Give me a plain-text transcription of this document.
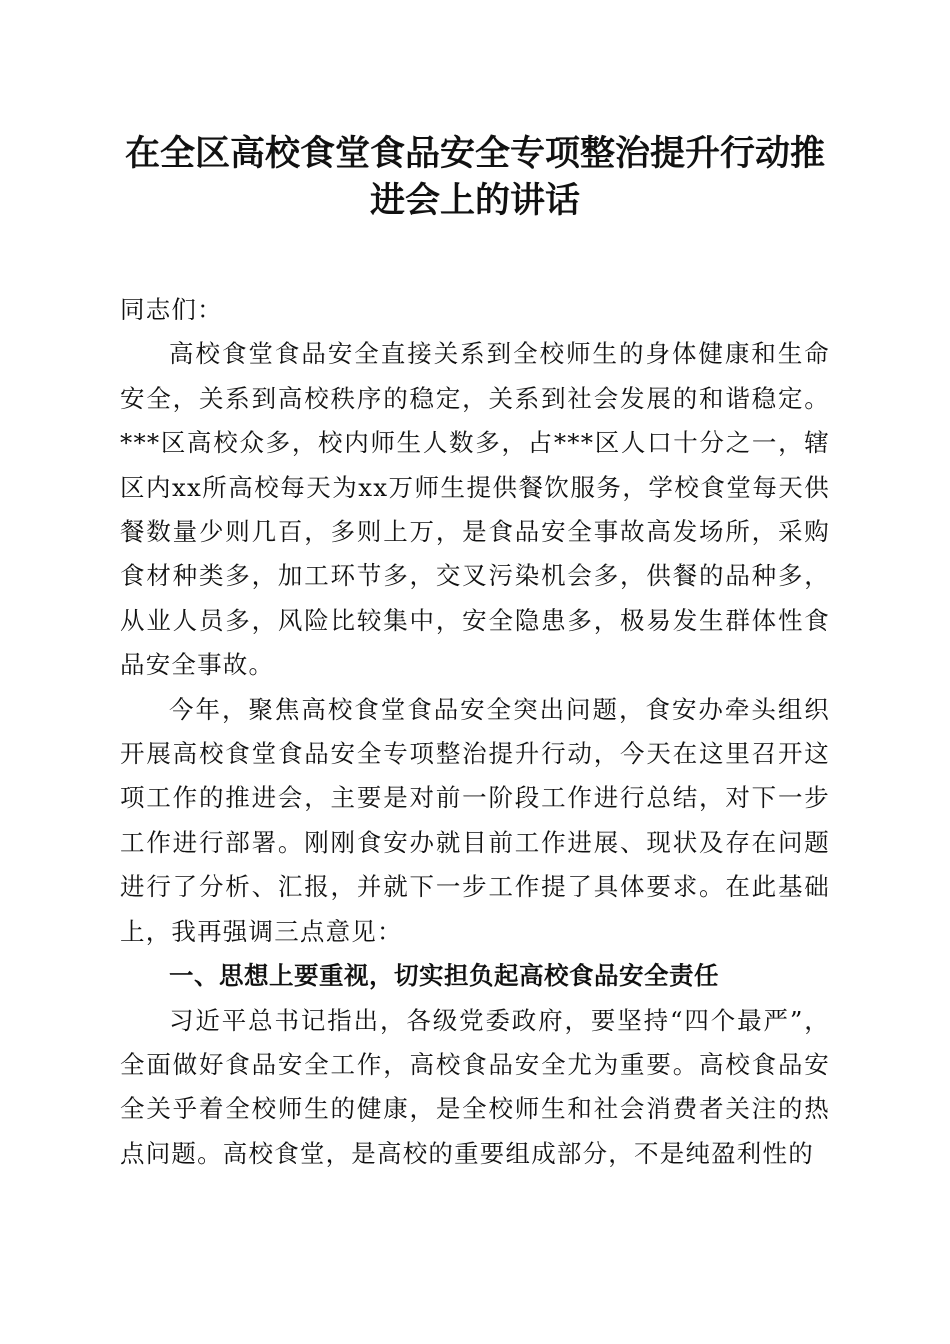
在全区高校食堂食品安全专项整治提升行动推进会上的讲话

同志们：

高校食堂食品安全直接关系到全校师生的身体健康和生命安全，关系到高校秩序的稳定，关系到社会发展的和谐稳定。***区高校众多，校内师生人数多，占***区人口十分之一，辖区内xx所高校每天为xx万师生提供餐饮服务，学校食堂每天供餐数量少则几百，多则上万，是食品安全事故高发场所，采购食材种类多，加工环节多，交叉污染机会多，供餐的品种多，从业人员多，风险比较集中，安全隐患多，极易发生群体性食品安全事故。

今年，聚焦高校食堂食品安全突出问题，食安办牵头组织开展高校食堂食品安全专项整治提升行动，今天在这里召开这项工作的推进会，主要是对前一阶段工作进行总结，对下一步工作进行部署。刚刚食安办就目前工作进展、现状及存在问题进行了分析、汇报，并就下一步工作提了具体要求。在此基础上，我再强调三点意见：

一、思想上要重视，切实担负起高校食品安全责任

习近平总书记指出，各级党委政府，要坚持“四个最严”，全面做好食品安全工作，高校食品安全尤为重要。高校食品安全关乎着全校师生的健康，是全校师生和社会消费者关注的热点问题。高校食堂，是高校的重要组成部分，不是纯盈利性的
